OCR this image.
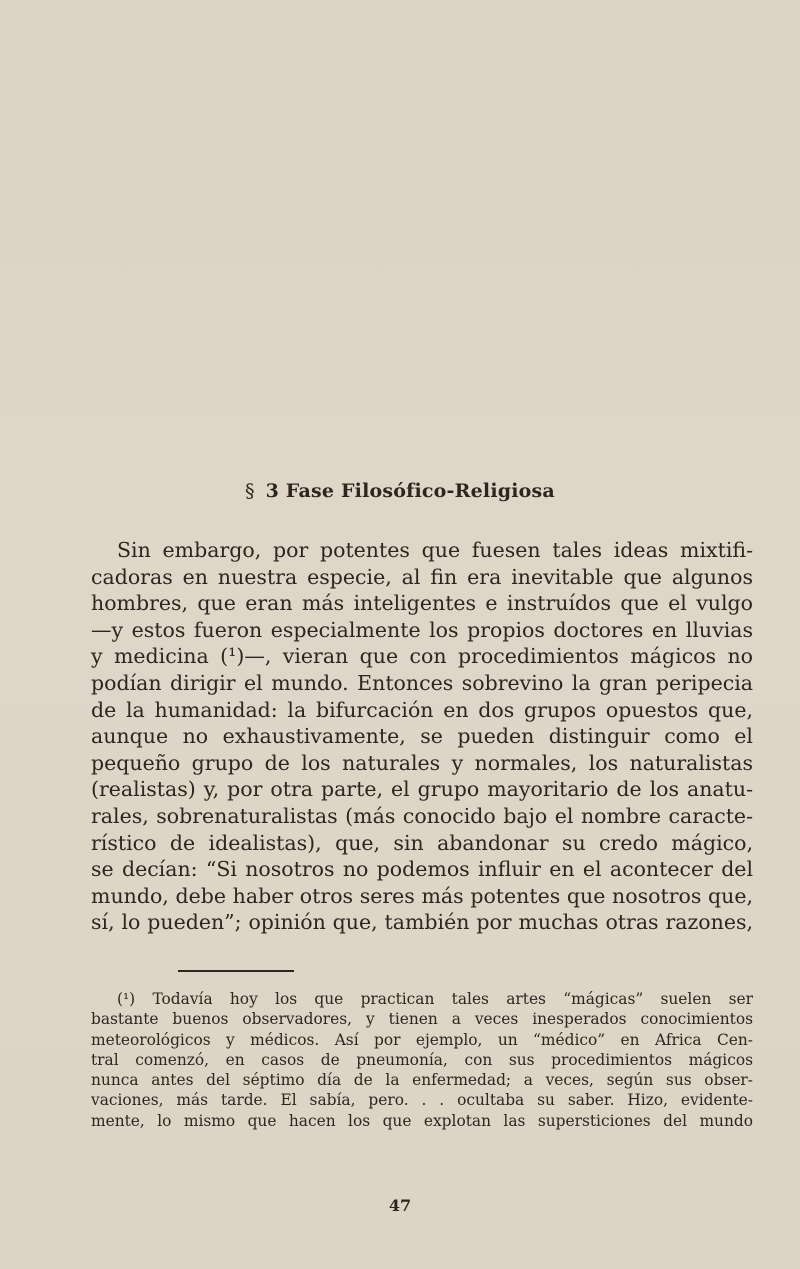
§ 3 Fase Filosófico-Religiosa
Sin embargo, por potentes que fuesen tales ideas mixtifi-
cadoras en nuestra especie, al fin era inevitable que algunos
hombres, que eran más inteligentes e instruídos que el vulgo
—y estos fueron especialmente los propios doctores en lluvias
y medicina (¹)—, vieran que con procedimientos mágicos no
podían dirigir el mundo. Entonces sobrevino la gran peripecia
de la humanidad: la bifurcación en dos grupos opuestos que,
aunque no exhaustivamente, se pueden distinguir como el
pequeño grupo de los naturales y normales, los naturalistas
(realistas) y, por otra parte, el grupo mayoritario de los anatu-
rales, sobrenaturalistas (más conocido bajo el nombre caracte-
rístico de idealistas), que, sin abandonar su credo mágico,
se decían: “Si nosotros no podemos influir en el acontecer del
mundo, debe haber otros seres más potentes que nosotros que,
sí, lo pueden”; opinión que, también por muchas otras razones,
(¹) Todavía hoy los que practican tales artes “mágicas” suelen ser
bastante buenos observadores, y tienen a veces inesperados conocimientos
meteorológicos y médicos. Así por ejemplo, un “médico” en Africa Cen-
tral comenzó, en casos de pneumonía, con sus procedimientos mágicos
nunca antes del séptimo día de la enfermedad; a veces, según sus obser-
vaciones, más tarde. El sabía, pero. . . ocultaba su saber. Hizo, evidente-
mente, lo mismo que hacen los que explotan las supersticiones del mundo
47
